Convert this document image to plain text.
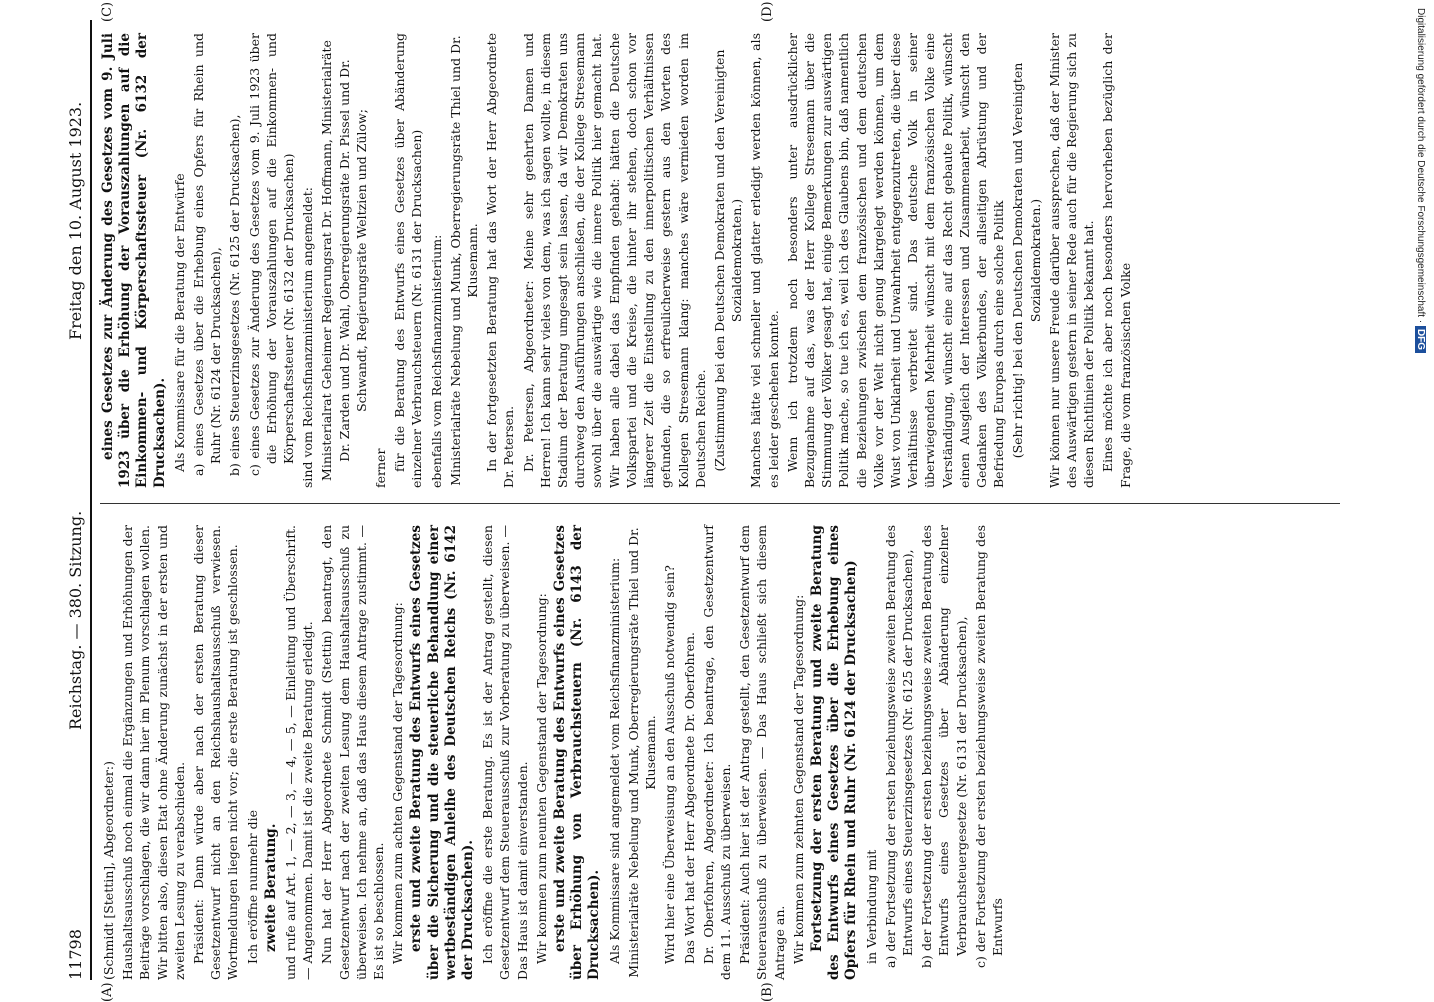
11798
Reichstag. — 380. Sitzung.
Freitag den 10. August 1923.

(Schmidt [Stettin], Abgeordneter:) Haushaltsausschuß noch einmal die Ergänzungen und Erhöhungen der Beiträge vorschlagen, die wir dann hier im Plenum vorschlagen wollen. Wir bitten also, diesen Etat ohne Änderung zunächst in der ersten und zweiten Lesung zu verabschieden. Präsident: Dann würde aber nach der ersten Beratung dieser Gesetzentwurf nicht an den Reichshaushaltsausschuß verwiesen. Wortmeldungen liegen nicht vor; die erste Beratung ist geschlossen. Ich eröffne nunmehr die zweite Beratung. und rufe auf Art. 1, — 2, — 3, — 4, — 5, — Einleitung und Überschrift. — Angenommen. Damit ist die zweite Beratung erledigt. Nun hat der Herr Abgeordnete Schmidt (Stettin) beantragt, den Gesetzentwurf nach der zweiten Lesung dem Haushaltsausschuß zu überweisen. Ich nehme an, daß das Haus diesem Antrage zustimmt. — Es ist so beschlossen. Wir kommen zum achten Gegenstand der Tagesordnung: erste und zweite Beratung des Entwurfs eines Gesetzes über die Sicherung und die steuerliche Behandlung einer wertbeständigen Anleihe des Deutschen Reichs (Nr. 6142 der Drucksachen). Ich eröffne die erste Beratung. Es ist der Antrag gestellt, diesen Gesetzentwurf dem Steuerausschuß zur Vorberatung zu überweisen. — Das Haus ist damit einverstanden. Wir kommen zum neunten Gegenstand der Tagesordnung: erste und zweite Beratung des Entwurfs eines Gesetzes über Erhöhung von Verbrauchsteuern (Nr. 6143 der Drucksachen). Als Kommissare sind angemeldet vom Reichsfinanzministerium: Ministerialräte Nebelung und Munk, Oberregierungsräte Thiel und Dr. Klusemann. Wird hier eine Überweisung an den Ausschuß notwendig sein? Das Wort hat der Herr Abgeordnete Dr. Oberfohren. Dr. Oberfohren, Abgeordneter: Ich beantrage, den Gesetzentwurf dem 11. Ausschuß zu überweisen. Präsident: Auch hier ist der Antrag gestellt, den Gesetzentwurf dem Steuerausschuß zu überweisen. — Das Haus schließt sich diesem Antrage an. Wir kommen zum zehnten Gegenstand der Tagesordnung: Fortsetzung der ersten Beratung und zweite Beratung des Entwurfs eines Gesetzes über die Erhebung eines Opfers für Rhein und Ruhr (Nr. 6124 der Drucksachen) in Verbindung mit a) der Fortsetzung der ersten beziehungsweise zweiten Beratung des Entwurfs eines Steuerzinsgesetzes (Nr. 6125 der Drucksachen), b) der Fortsetzung der ersten beziehungsweise zweiten Beratung des Entwurfs eines Gesetzes über Abänderung einzelner Verbrauchsteuergesetze (Nr. 6131 der Drucksachen), c) der Fortsetzung der ersten beziehungsweise zweiten Beratung des Entwurfs

eines Gesetzes zur Änderung des Gesetzes vom 9. Juli 1923 über die Erhöhung der Vorauszahlungen auf die Einkommen- und Körperschaftssteuer (Nr. 6132 der Drucksachen). Als Kommissare für die Beratung der Entwürfe a) eines Gesetzes über die Erhebung eines Opfers für Rhein und Ruhr (Nr. 6124 der Drucksachen), b) eines Steuerzinsgesetzes (Nr. 6125 der Drucksachen), c) eines Gesetzes zur Änderung des Gesetzes vom 9. Juli 1923 über die Erhöhung der Vorauszahlungen auf die Einkommen- und Körperschaftssteuer (Nr. 6132 der Drucksachen) sind vom Reichsfinanzministerium angemeldet: Ministerialrat Geheimer Regierungsrat Dr. Hoffmann, Ministerialräte Dr. Zarden und Dr. Wahl, Oberregierungsräte Dr. Pissel und Dr. Schwandt, Regierungsräte Weltzien und Zülow;

ferner für die Beratung des Entwurfs eines Gesetzes über Abänderung einzelner Verbrauchsteuern (Nr. 6131 der Drucksachen) ebenfalls vom Reichsfinanzministerium: Ministerialräte Nebelung und Munk, Oberregierungsräte Thiel und Dr. Klusemann. In der fortgesetzten Beratung hat das Wort der Herr Abgeordnete Dr. Petersen. Dr. Petersen, Abgeordneter: Meine sehr geehrten Damen und Herren! Ich kann sehr vieles von dem, was ich sagen wollte, in diesem Stadium der Beratung umgesagt sein lassen, da wir Demokraten uns durchweg den Ausführungen anschließen, die der Kollege Stresemann sowohl über die auswärtige wie die innere Politik hier gemacht hat. Wir haben alle dabei das Empfinden gehabt: hätten die Deutsche Volkspartei und die Kreise, die hinter ihr stehen, doch schon vor längerer Zeit die Einstellung zu den innerpolitischen Verhältnissen gefunden, die so erfreulicherweise gestern aus den Worten des Kollegen Stresemann klang: manches wäre vermieden worden im Deutschen Reiche. (Zustimmung bei den Deutschen Demokraten und den Vereinigten Sozialdemokraten.) Manches hätte viel schneller und glatter erledigt werden können, als es leider geschehen konnte. Wenn ich trotzdem noch besonders unter ausdrücklicher Bezugnahme auf das, was der Herr Kollege Stresemann über die Stimmung der Völker gesagt hat, einige Bemerkungen zur auswärtigen Politik mache, so tue ich es, weil ich des Glaubens bin, daß namentlich die Beziehungen zwischen dem französischen und dem deutschen Volke vor der Welt nicht genug klargelegt werden können, um dem Wust von Unklarheit und Unwahrheit entgegenzutreten, die über diese Verhältnisse verbreitet sind. Das deutsche Volk in seiner überwiegenden Mehrheit wünscht mit dem französischen Volke eine Verständigung, wünscht eine auf das Recht gebaute Politik, wünscht einen Ausgleich der Interessen und Zusammenarbeit, wünscht den Gedanken des Völkerbundes, der allseitigen Abrüstung und der Befriedung Europas durch eine solche Politik (Sehr richtig! bei den Deutschen Demokraten und Vereinigten Sozialdemokraten.) Wir können nur unsere Freude darüber aussprechen, daß der Minister des Auswärtigen gestern in seiner Rede auch für die Regierung sich zu diesen Richtlinien der Politik bekannt hat. Eines möchte ich aber noch besonders hervorheben bezüglich der Frage, die vom französischen Volke

(A)	(B)
(C)	(D)	Digitalisierung gefördert durch die Deutsche Forschungsgemeinschaft · DFG
